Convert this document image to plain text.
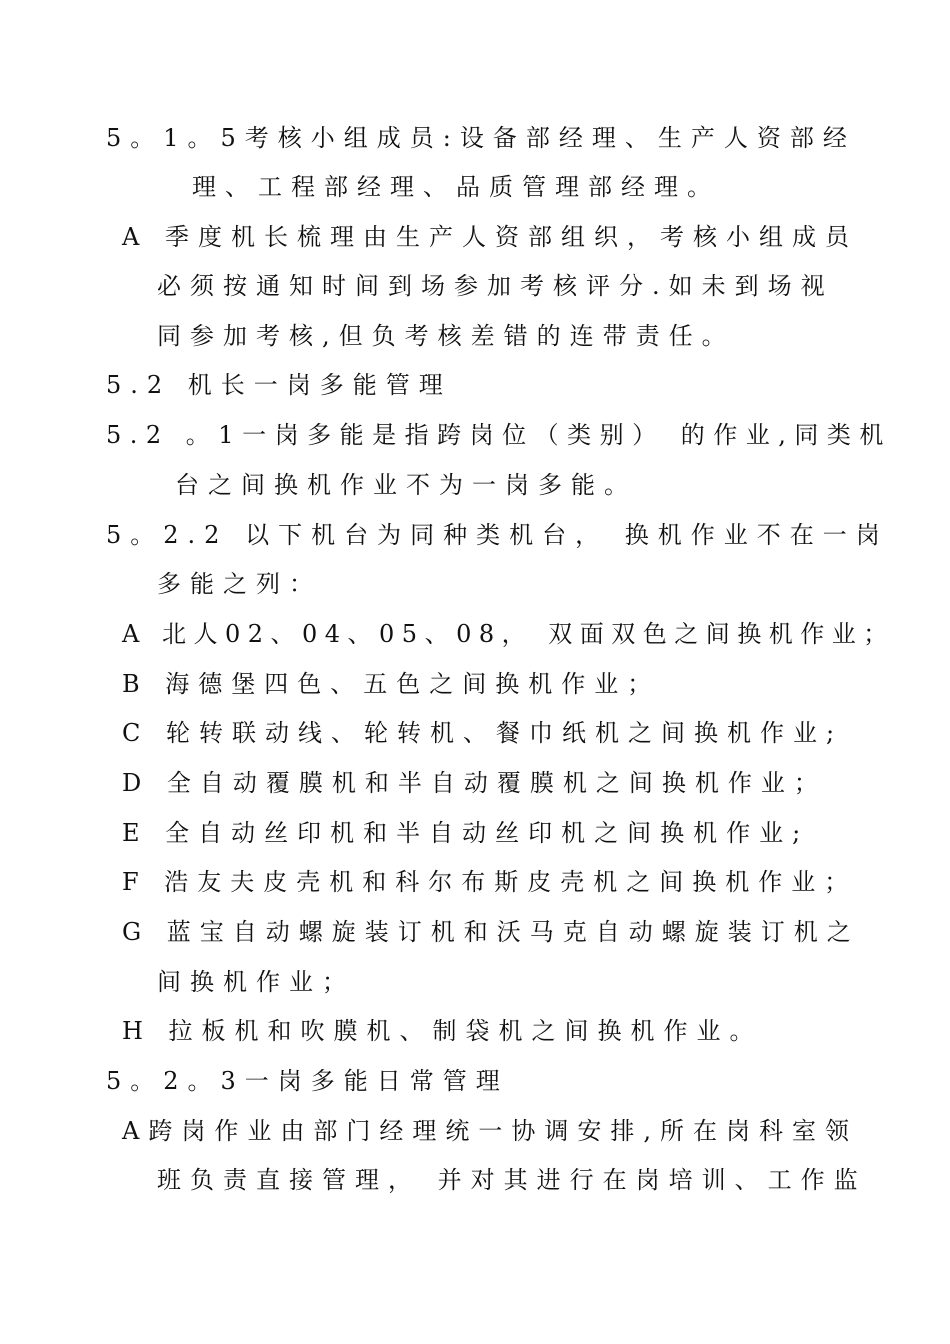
5。1。5考核小组成员:设备部经理、生产人资部经
理、工程部经理、品质管理部经理。
A 季度机长梳理由生产人资部组织，考核小组成员
必须按通知时间到场参加考核评分.如未到场视
同参加考核,但负考核差错的连带责任。
5.2 机长一岗多能管理
5.2 。1一岗多能是指跨岗位（类别） 的作业,同类机
台之间换机作业不为一岗多能。
5。2.2 以下机台为同种类机台， 换机作业不在一岗
多能之列：
A 北人02、04、05、08， 双面双色之间换机作业；
B 海德堡四色、五色之间换机作业；
C 轮转联动线、轮转机、餐巾纸机之间换机作业;
D 全自动覆膜机和半自动覆膜机之间换机作业；
E 全自动丝印机和半自动丝印机之间换机作业;
F 浩友夫皮壳机和科尔布斯皮壳机之间换机作业；
G 蓝宝自动螺旋装订机和沃马克自动螺旋装订机之
间换机作业；
H 拉板机和吹膜机、制袋机之间换机作业。
5。2。3一岗多能日常管理
A跨岗作业由部门经理统一协调安排,所在岗科室领
班负责直接管理， 并对其进行在岗培训、工作监
